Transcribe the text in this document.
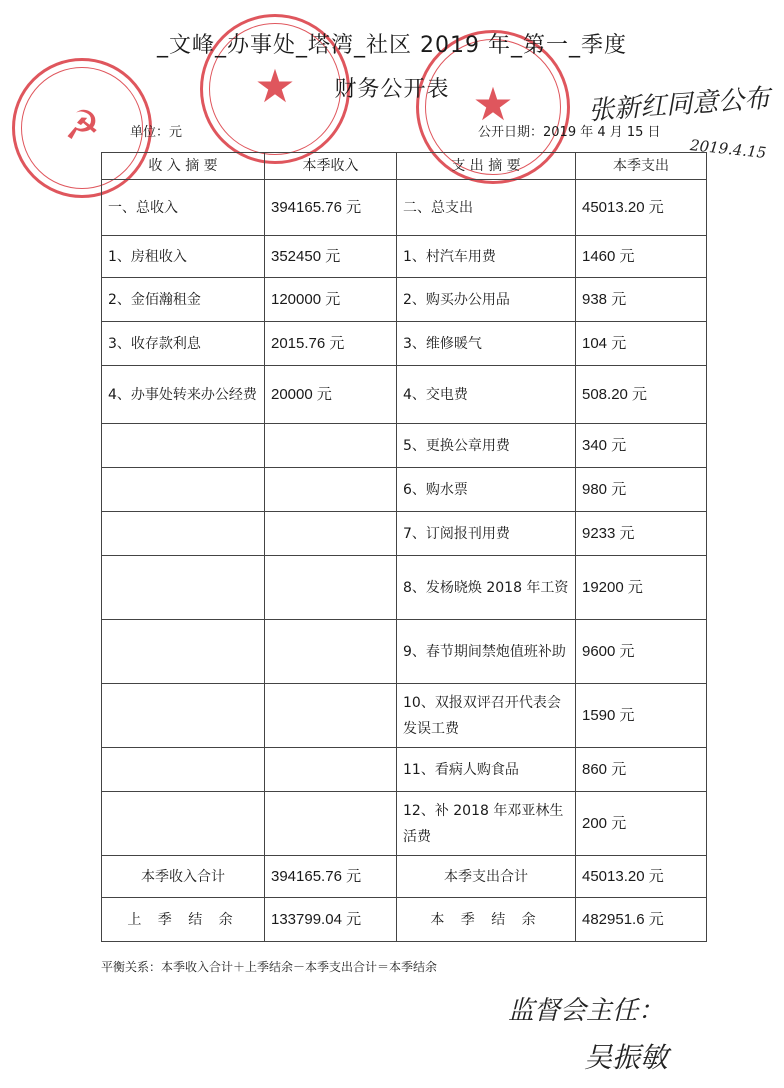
☭
★	★
_文峰_办事处_塔湾_社区 2019 年_第一_季度
财务公开表
单位：元	公开日期：2019 年 4 月 15 日
收 入 摘 要	本季收入	支 出 摘 要	本季支出
一、总收入	394165.76 元	二、总支出	45013.20 元
1、房租收入	352450 元	1、村汽车用费	1460 元
2、金佰瀚租金	120000 元	2、购买办公用品	938 元
3、收存款利息	2015.76 元	3、维修暖气	104 元
4、办事处转来办公经费	20000 元	4、交电费	508.20 元
		5、更换公章用费	340 元
		6、购水票	980 元
		7、订阅报刊用费	9233 元
		8、发杨晓焕 2018 年工资	19200 元
		9、春节期间禁炮值班补助	9600 元
		10、双报双评召开代表会发误工费	1590 元
		11、看病人购食品	860 元
		12、补 2018 年邓亚林生活费	200 元
本季收入合计	394165.76 元	本季支出合计	45013.20 元
上 季 结 余	133799.04 元	本 季 结 余	482951.6 元
平衡关系：本季收入合计＋上季结余－本季支出合计＝本季结余
张新红同意公布
2019.4.15
监督会主任：
吴振敏
